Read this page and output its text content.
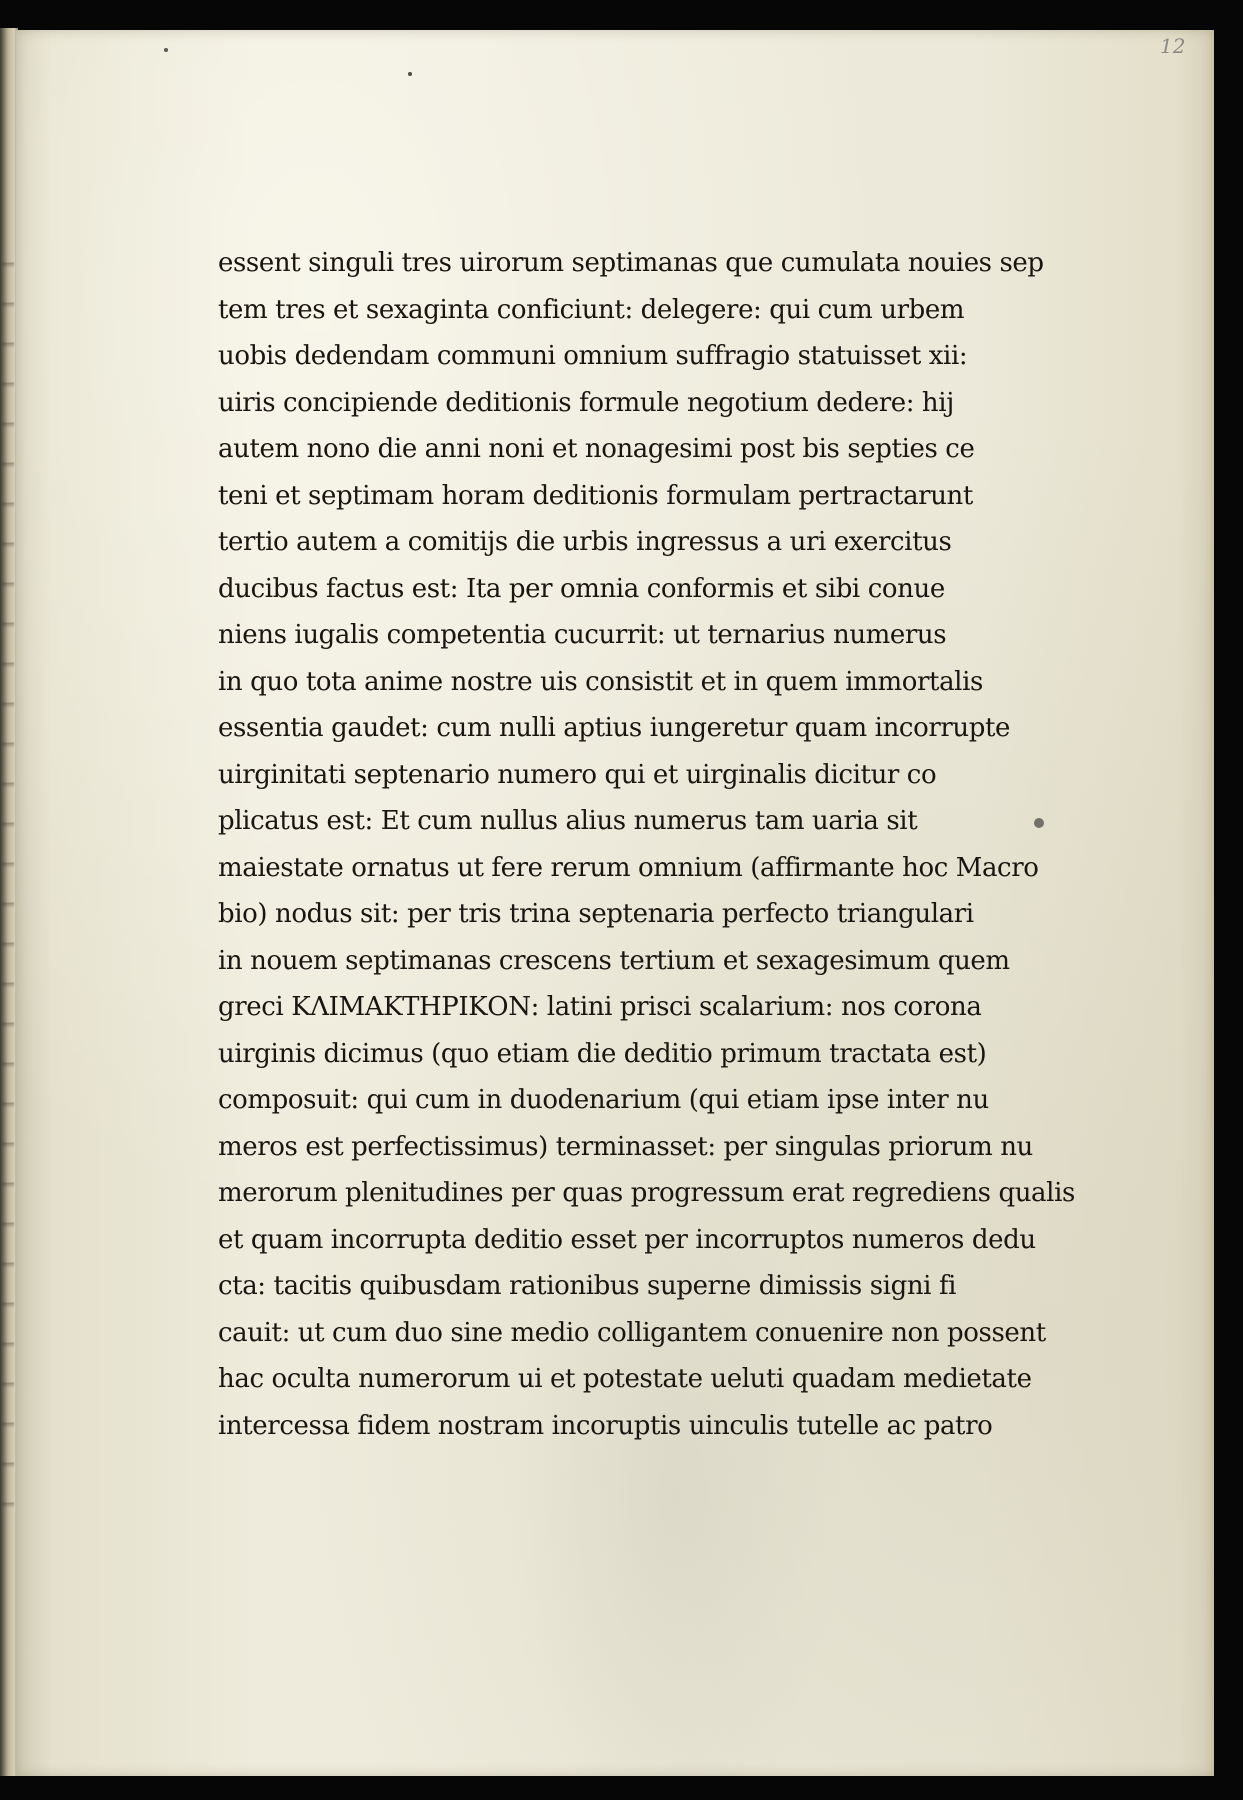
12
essent singuli tres uirorum septimanas que cumulata nouies sep
tem tres et sexaginta conficiunt: delegere: qui cum urbem
uobis dedendam communi omnium suffragio statuisset xii:
uiris concipiende deditionis formule negotium dedere: hij
autem nono die anni noni et nonagesimi post bis septies ce
teni et septimam horam deditionis formulam pertractarunt
tertio autem a comitijs die urbis ingressus a uri exercitus
ducibus factus est: Ita per omnia conformis et sibi conue
niens iugalis competentia cucurrit: ut ternarius numerus
in quo tota anime nostre uis consistit et in quem immortalis
essentia gaudet: cum nulli aptius iungeretur quam incorrupte
uirginitati septenario numero qui et uirginalis dicitur co
plicatus est: Et cum nullus alius numerus tam uaria sit
maiestate ornatus ut fere rerum omnium (affirmante hoc Macro
bio) nodus sit: per tris trina septenaria perfecto triangulari
in nouem septimanas crescens tertium et sexagesimum quem
greci ΚΛΙΜΑΚΤΗΡΙΚΟΝ: latini prisci scalarium: nos corona
uirginis dicimus (quo etiam die deditio primum tractata est)
composuit: qui cum in duodenarium (qui etiam ipse inter nu
meros est perfectissimus) terminasset: per singulas priorum nu
merorum plenitudines per quas progressum erat regrediens qualis
et quam incorrupta deditio esset per incorruptos numeros dedu
cta: tacitis quibusdam rationibus superne dimissis signi fi
cauit: ut cum duo sine medio colligantem conuenire non possent
hac oculta numerorum ui et potestate ueluti quadam medietate
intercessa fidem nostram incoruptis uinculis tutelle ac patro
